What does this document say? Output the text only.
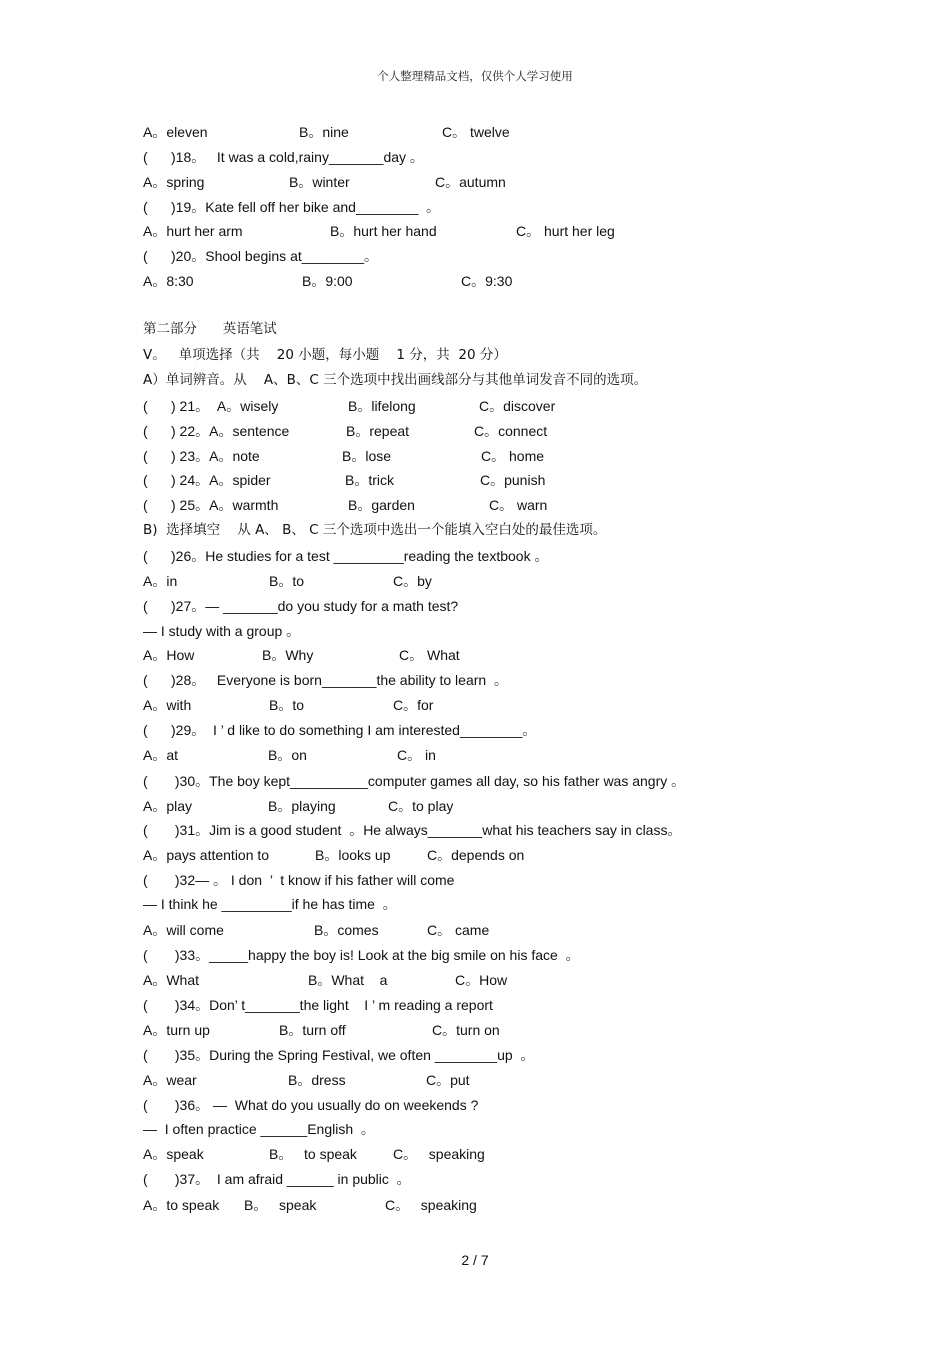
个人整理精品文档，仅供个人学习使用
A。eleven	B。nine	C。 twelve
(      )18。   It was a cold,rainy_______day 。
A。spring	B。winter	C。autumn
(      )19。Kate fell off her bike and________  。
A。hurt her arm	B。hurt her hand	C。 hurt her leg
(      )20。Shool begins at________。
A。8:30	B。9:00	C。9:30
第二部分      英语笔试
V。   单项选择（共    20 小题，每小题    1 分，共  20 分）
A）单词辨音。从    A、B、C 三个选项中找出画线部分与其他单词发音不同的选项。
(      ) 21。  A。wisely	B。lifelong	C。discover
(      ) 22。A。sentence	B。repeat	C。connect
(      ) 23。A。note	B。lose	C。 home
(      ) 24。A。spider	B。trick	C。punish
(      ) 25。A。warmth	B。garden	C。 warn
B)  选择填空    从 A、 B、 C 三个选项中选出一个能填入空白处的最佳选项。
(      )26。He studies for a test _________reading the textbook 。
A。in	B。to	C。by
(      )27。— _______do you study for a math test?
— I study with a group 。
A。How	B。Why	C。 What
(      )28。   Everyone is born_______the ability to learn  。
A。with	B。to	C。for
(      )29。  I ’ d like to do something I am interested________。
A。at	B。on	C。 in
(       )30。The boy kept__________computer games all day, so his father was angry 。
A。play	B。playing	C。to play
(       )31。Jim is a good student  。He always_______what his teachers say in class。
A。pays attention to	B。looks up	C。depends on
(       )32— 。 I don  ’  t know if his father will come
— I think he _________if he has time  。
A。will come	B。comes	C。 came
(       )33。_____happy the boy is! Look at the big smile on his face  。
A。What	B。What    a	C。How
(       )34。Don’ t_______the light    I ’ m reading a report
A。turn up	B。turn off	C。turn on
(       )35。During the Spring Festival, we often ________up  。
A。wear	B。dress	C。put
(       )36。 —  What do you usually do on weekends ?
—  I often practice ______English  。
A。speak	B。   to speak	C。   speaking
(       )37。  I am afraid ______ in public  。
A。to speak B。   speak	C。   speaking
2 / 7
